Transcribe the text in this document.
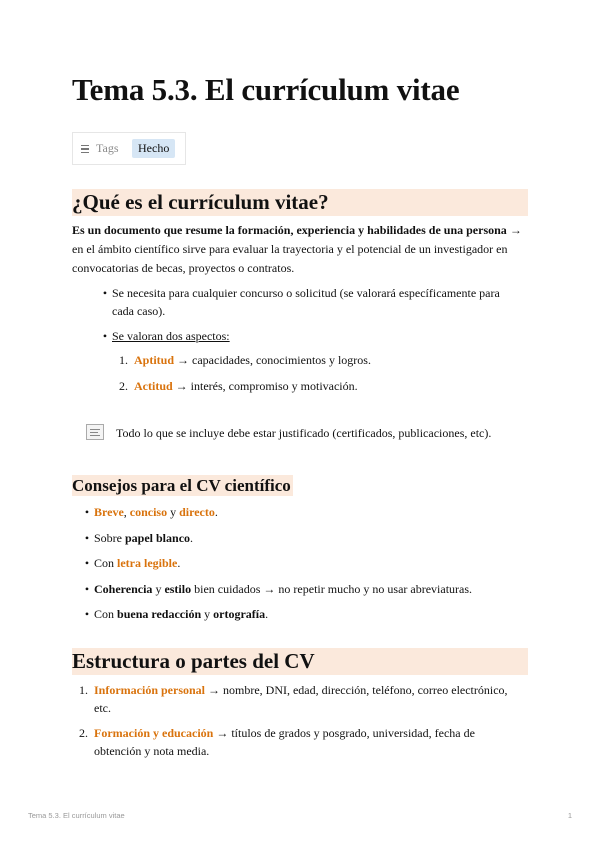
Tema 5.3. El currículum vitae
Tags	Hecho
¿Qué es el currículum vitae?
Es un documento que resume la formación, experiencia y habilidades de una persona →
en el ámbito científico sirve para evaluar la trayectoria y el potencial de un investigador en
convocatorias de becas, proyectos o contratos.
• Se necesita para cualquier concurso o solicitud (se valorará específicamente para
cada caso).
• Se valoran dos aspectos:
1. Aptitud → capacidades, conocimientos y logros.
2. Actitud → interés, compromiso y motivación.
Todo lo que se incluye debe estar justificado (certificados, publicaciones, etc).
Consejos para el CV científico
• Breve, conciso y directo.
• Sobre papel blanco.
• Con letra legible.
• Coherencia y estilo bien cuidados → no repetir mucho y no usar abreviaturas.
• Con buena redacción y ortografía.
Estructura o partes del CV
1. Información personal → nombre, DNI, edad, dirección, teléfono, correo electrónico,
etc.
2. Formación y educación → títulos de grados y posgrado, universidad, fecha de
obtención y nota media.
Tema 5.3. El currículum vitae	1
